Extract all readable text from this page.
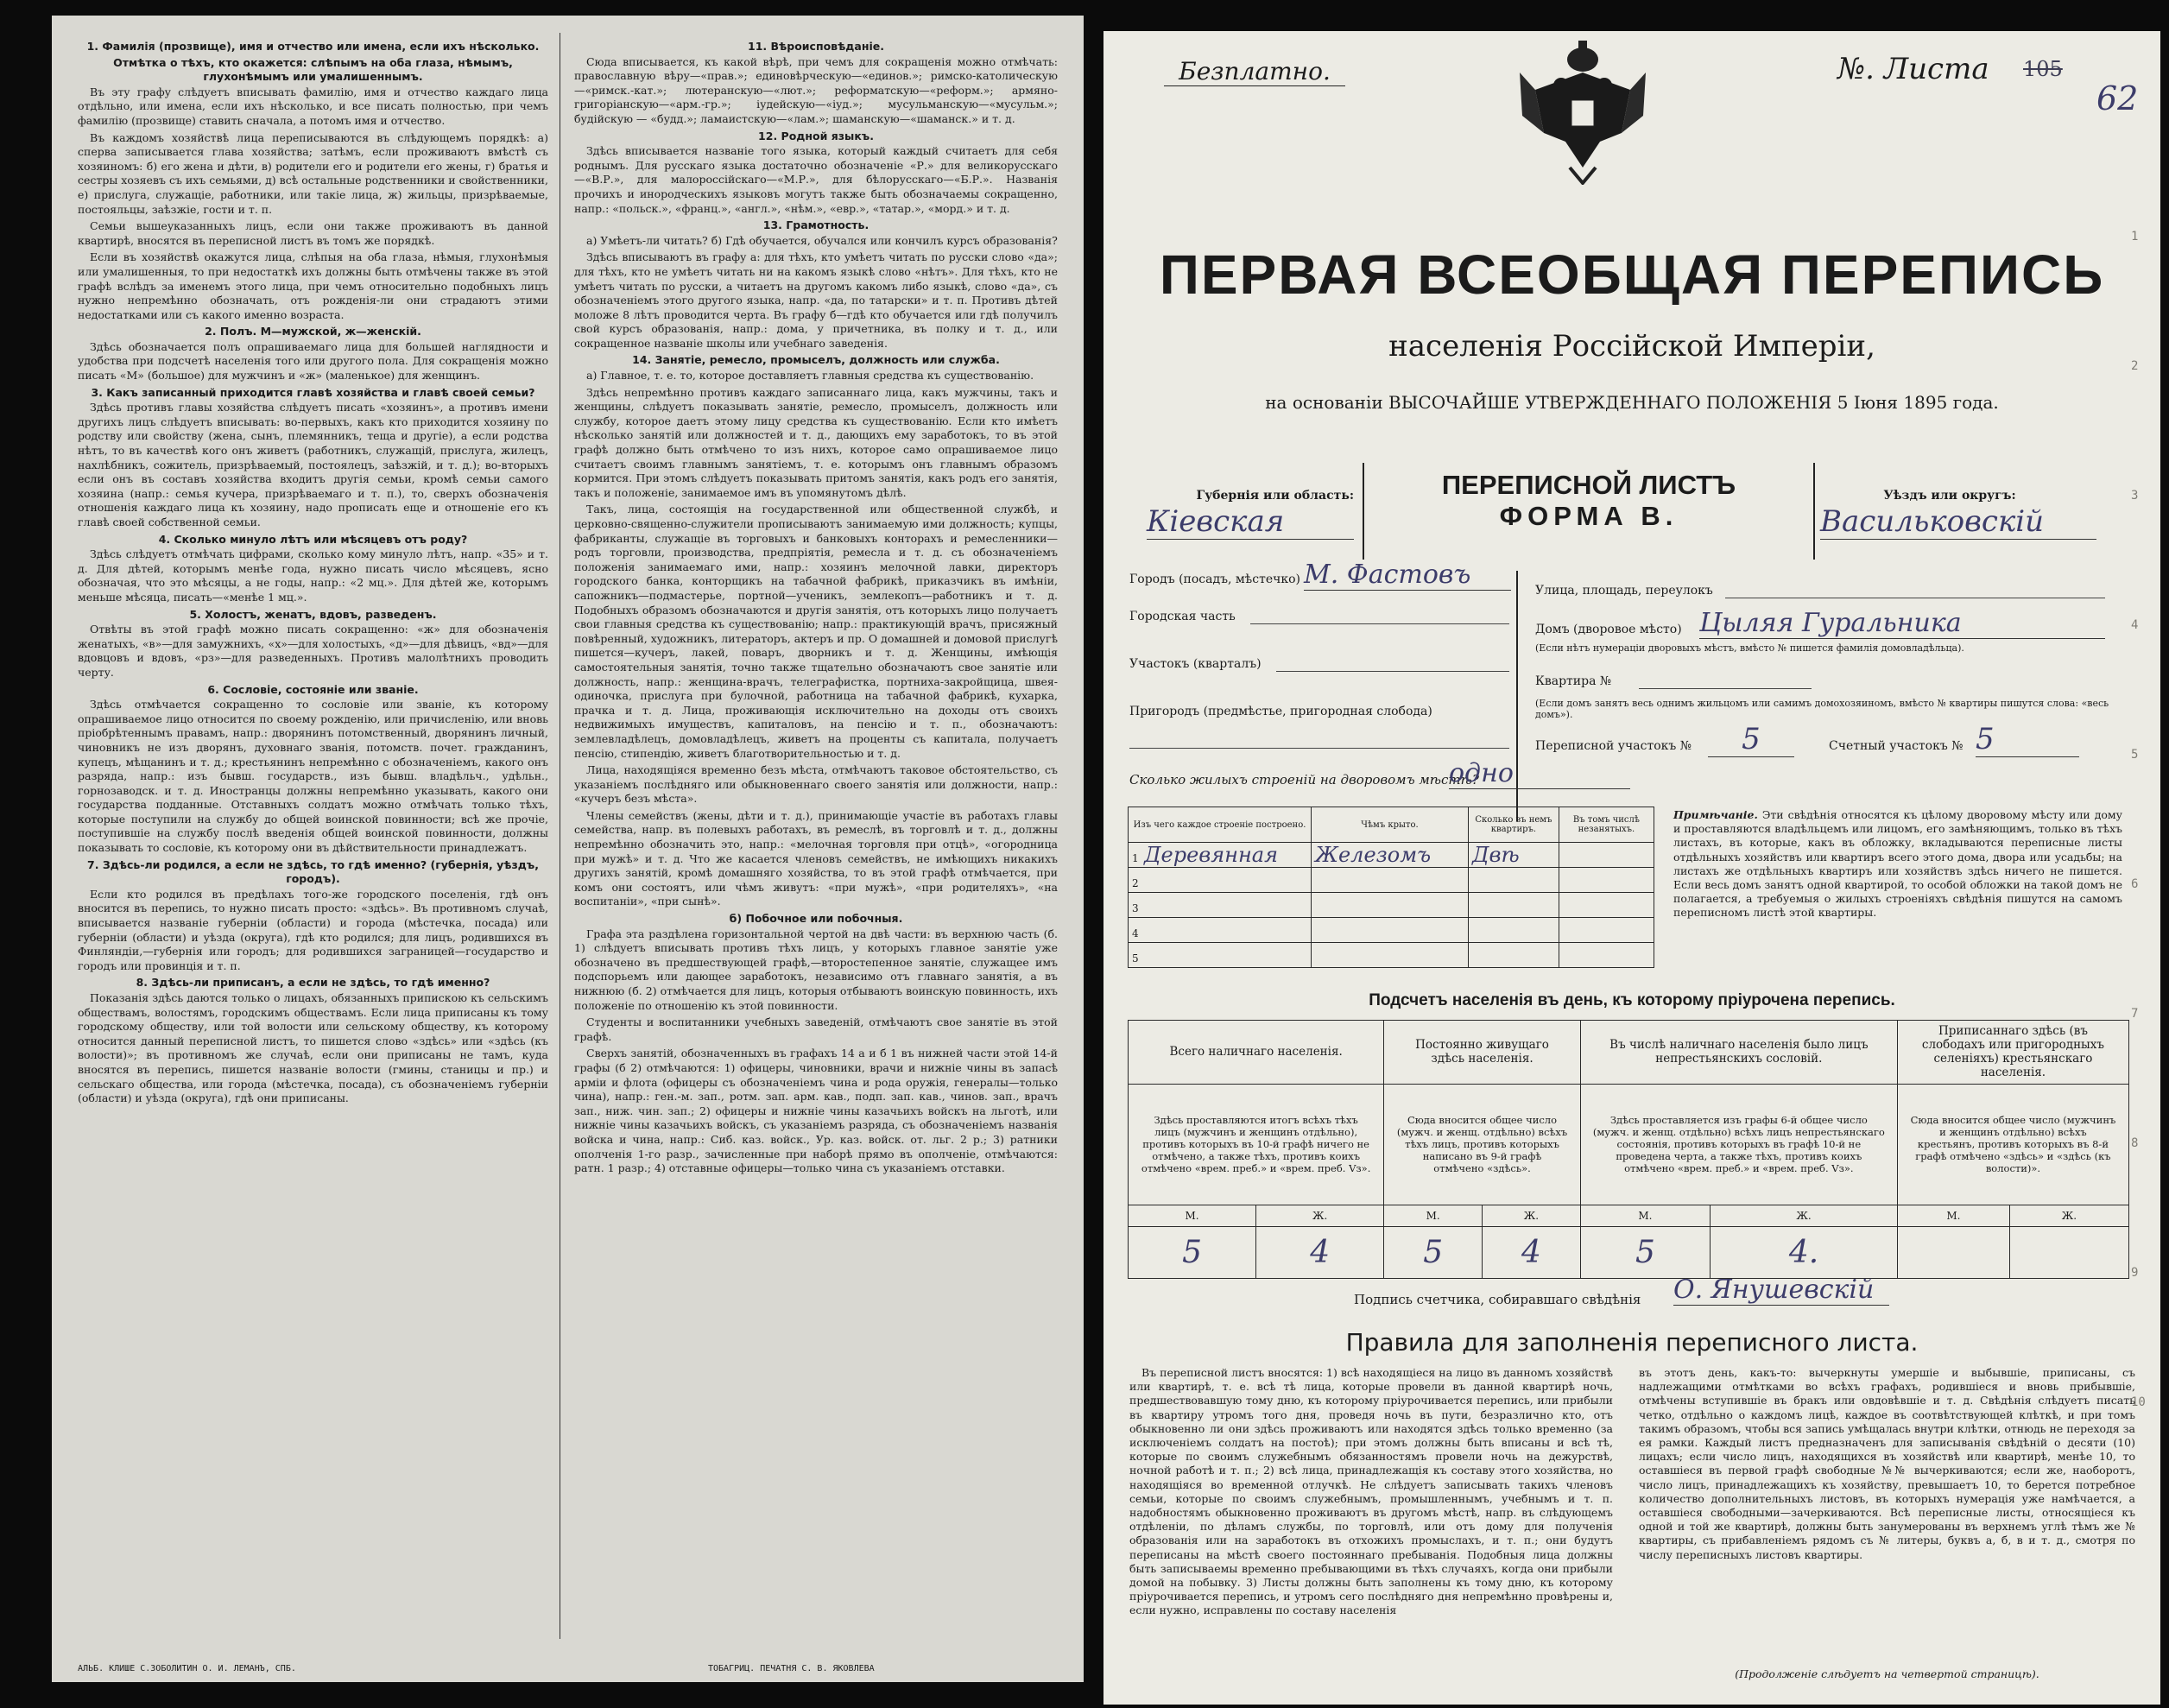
1. Фамилія (прозвище), имя и отчество или имена, если ихъ нѣсколько.
Отмѣтка о тѣхъ, кто окажется: слѣпымъ на оба глаза, нѣмымъ, глухонѣмымъ или умалишеннымъ.
Въ эту графу слѣдуетъ вписывать фамилію, имя и отчество каждаго лица отдѣльно, или имена, если ихъ нѣсколько, и все писать полностью, при чемъ фамилію (прозвище) ставить сначала, а потомъ имя и отчество.
Въ каждомъ хозяйствѣ лица переписываются въ слѣдующемъ порядкѣ: а) сперва записывается глава хозяйства; затѣмъ, если проживаютъ вмѣстѣ съ хозяиномъ: б) его жена и дѣти, в) родители его и родители его жены, г) братья и сестры хозяевъ съ ихъ семьями, д) всѣ остальные родственники и свойственники, е) прислуга, служащіе, работники, или такіе лица, ж) жильцы, призрѣваемые, постояльцы, заѣзжіе, гости и т. п.
Семьи вышеуказанныхъ лицъ, если они также проживаютъ въ данной квартирѣ, вносятся въ переписной листъ въ томъ же порядкѣ.
Если въ хозяйствѣ окажутся лица, слѣпыя на оба глаза, нѣмыя, глухонѣмыя или умалишенныя, то при недостаткѣ ихъ должны быть отмѣчены также въ этой графѣ вслѣдъ за именемъ этого лица, при чемъ относительно подобныхъ лицъ нужно непремѣнно обозначать, отъ рожденія-ли они страдаютъ этими недостатками или съ какого именно возраста.
2. Полъ. М—мужской, ж—женскій.
Здѣсь обозначается полъ опрашиваемаго лица для большей наглядности и удобства при подсчетѣ населенія того или другого пола. Для сокращенія можно писать «М» (большое) для мужчинъ и «ж» (маленькое) для женщинъ.
3. Какъ записанный приходится главѣ хозяйства и главѣ своей семьи?
Здѣсь противъ главы хозяйства слѣдуетъ писать «хозяинъ», а противъ имени другихъ лицъ слѣдуетъ вписывать: во-первыхъ, какъ кто приходится хозяину по родству или свойству (жена, сынъ, племянникъ, теща и другіе), а если родства нѣтъ, то въ качествѣ кого онъ живетъ (работникъ, служащій, прислуга, жилецъ, нахлѣбникъ, сожитель, призрѣваемый, постоялецъ, заѣзжій, и т. д.); во-вторыхъ если онъ въ составъ хозяйства входитъ другія семьи, кромѣ семьи самого хозяина (напр.: семья кучера, призрѣваемаго и т. п.), то, сверхъ обозначенія отношенія каждаго лица къ хозяину, надо прописать еще и отношеніе его къ главѣ своей собственной семьи.
4. Сколько минуло лѣтъ или мѣсяцевъ отъ роду?
Здѣсь слѣдуетъ отмѣчать цифрами, сколько кому минуло лѣтъ, напр. «35» и т. д. Для дѣтей, которымъ менѣе года, нужно писать число мѣсяцевъ, ясно обозначая, что это мѣсяцы, а не годы, напр.: «2 мц.». Для дѣтей же, которымъ меньше мѣсяца, писать—«менѣе 1 мц.».
5. Холостъ, женатъ, вдовъ, разведенъ.
Отвѣты въ этой графѣ можно писать сокращенно: «ж» для обозначенія женатыхъ, «в»—для замужнихъ, «х»—для холостыхъ, «д»—для дѣвицъ, «вд»—для вдовцовъ и вдовъ, «рз»—для разведенныхъ. Противъ малолѣтнихъ проводить черту.
6. Сословіе, состояніе или званіе.
Здѣсь отмѣчается сокращенно то сословіе или званіе, къ которому опрашиваемое лицо относится по своему рожденію, или причисленію, или вновь пріобрѣтеннымъ правамъ, напр.: дворянинъ потомственный, дворянинъ личный, чиновникъ не изъ дворянъ, духовнаго званія, потомств. почет. гражданинъ, купецъ, мѣщанинъ и т. д.; крестьянинъ непремѣнно с обозначеніемъ, какого онъ разряда, напр.: изъ бывш. государств., изъ бывш. владѣльч., удѣльн., горнозаводск. и т. д. Иностранцы должны непремѣнно указывать, какого они государства подданные. Отставныхъ солдатъ можно отмѣчать только тѣхъ, которые поступили на службу до общей воинской повинности; всѣ же прочіе, поступившіе на службу послѣ введенія общей воинской повинности, должны показывать то сословіе, къ которому они въ дѣйствительности принадлежатъ.
7. Здѣсь-ли родился, а если не здѣсь, то гдѣ именно? (губернія, уѣздъ, городъ).
Если кто родился въ предѣлахъ того-же городского поселенія, гдѣ онъ вносится въ перепись, то нужно писать просто: «здѣсь». Въ противномъ случаѣ, вписывается названіе губерніи (области) и города (мѣстечка, посада) или губерніи (области) и уѣзда (округа), гдѣ кто родился; для лицъ, родившихся въ Финляндіи,—губернія или городъ; для родившихся заграницей—государство и городъ или провинція и т. п.
8. Здѣсь-ли приписанъ, а если не здѣсь, то гдѣ именно?
Показанія здѣсь даются только о лицахъ, обязанныхъ припискою къ сельскимъ обществамъ, волостямъ, городскимъ обществамъ. Если лица приписаны къ тому городскому обществу, или той волости или сельскому обществу, къ которому относится данный переписной листъ, то пишется слово «здѣсь» или «здѣсь (къ волости)»; въ противномъ же случаѣ, если они приписаны не тамъ, куда вносятся въ перепись, пишется названіе волости (гмины, станицы и пр.) и сельскаго общества, или города (мѣстечка, посада), съ обозначеніемъ губерніи (области) и уѣзда (округа), гдѣ они приписаны.
АЛЬБ. КЛИШЕ С.ЗОБОЛИТИН О. И. ЛЕМАНЪ, СПБ.
11. Вѣроисповѣданіе.
Сюда вписывается, къ какой вѣрѣ, при чемъ для сокращенія можно отмѣчать: православную вѣру—«прав.»; единовѣрческую—«единов.»; римско-католическую—«римск.-кат.»; лютеранскую—«лют.»; реформатскую—«реформ.»; армяно-григоріанскую—«арм.-гр.»; іудейскую—«іуд.»; мусульманскую—«мусульм.»; будійскую — «будд.»; ламаистскую—«лам.»; шаманскую—«шаманск.» и т. д.
12. Родной языкъ.
Здѣсь вписывается названіе того языка, который каждый считаетъ для себя роднымъ. Для русскаго языка достаточно обозначеніе «Р.» для великорусскаго—«В.Р.», для малороссійскаго—«М.Р.», для бѣлорусскаго—«Б.Р.». Названія прочихъ и инородческихъ языковъ могутъ также быть обозначаемы сокращенно, напр.: «польск.», «франц.», «англ.», «нѣм.», «евр.», «татар.», «морд.» и т. д.
13. Грамотность.
а) Умѣетъ-ли читать? б) Гдѣ обучается, обучался или кончилъ курсъ образованія?
Здѣсь вписываютъ въ графу а: для тѣхъ, кто умѣетъ читать по русски слово «да»; для тѣхъ, кто не умѣетъ читать ни на какомъ языкѣ слово «нѣтъ». Для тѣхъ, кто не умѣетъ читать по русски, а читаетъ на другомъ какомъ либо языкѣ, слово «да», съ обозначеніемъ этого другого языка, напр. «да, по татарски» и т. п. Противъ дѣтей моложе 8 лѣтъ проводится черта. Въ графу б—гдѣ кто обучается или гдѣ получилъ свой курсъ образованія, напр.: дома, у причетника, въ полку и т. д., или сокращенное названіе школы или учебнаго заведенія.
14. Занятіе, ремесло, промыселъ, должность или служба.
а) Главное, т. е. то, которое доставляетъ главныя средства къ существованію.
Здѣсь непремѣнно противъ каждаго записаннаго лица, какъ мужчины, такъ и женщины, слѣдуетъ показывать занятіе, ремесло, промыселъ, должность или службу, которое даетъ этому лицу средства къ существованію. Если кто имѣетъ нѣсколько занятій или должностей и т. д., дающихъ ему заработокъ, то въ этой графѣ должно быть отмѣчено то изъ нихъ, которое само опрашиваемое лицо считаетъ своимъ главнымъ занятіемъ, т. е. которымъ онъ главнымъ образомъ кормится. При этомъ слѣдуетъ показывать притомъ занятія, какъ родъ его занятія, такъ и положеніе, занимаемое имъ въ упомянутомъ дѣлѣ.
Такъ, лица, состоящія на государственной или общественной службѣ, и церковно-священно-служители прописываютъ занимаемую ими должность; купцы, фабриканты, служащіе въ торговыхъ и банковыхъ конторахъ и ремесленники—родъ торговли, производства, предпріятія, ремесла и т. д. съ обозначеніемъ положенія занимаемаго ими, напр.: хозяинъ мелочной лавки, директоръ городского банка, конторщикъ на табачной фабрикѣ, приказчикъ въ имѣніи, сапожникъ—подмастерье, портной—ученикъ, землекопъ—работникъ и т. д. Подобныхъ образомъ обозначаются и другія занятія, отъ которыхъ лицо получаетъ свои главныя средства къ существованію; напр.: практикующій врачъ, присяжный повѣренный, художникъ, литераторъ, актеръ и пр. О домашней и домовой прислугѣ пишется—кучеръ, лакей, поваръ, дворникъ и т. д. Женщины, имѣющія самостоятельныя занятія, точно также тщательно обозначаютъ свое занятіе или должность, напр.: женщина-врачъ, телеграфистка, портниха-закройщица, швея-одиночка, прислуга при булочной, работница на табачной фабрикѣ, кухарка, прачка и т. д. Лица, проживающія исключительно на доходы отъ своихъ недвижимыхъ имуществъ, капиталовъ, на пенсію и т. п., обозначаютъ: землевладѣлецъ, домовладѣлецъ, живетъ на проценты съ капитала, получаетъ пенсію, стипендію, живетъ благотворительностью и т. д.
Лица, находящіяся временно безъ мѣста, отмѣчаютъ таковое обстоятельство, съ указаніемъ послѣдняго или обыкновеннаго своего занятія или должности, напр.: «кучеръ безъ мѣста».
Члены семействъ (жены, дѣти и т. д.), принимающіе участіе въ работахъ главы семейства, напр. въ полевыхъ работахъ, въ ремеслѣ, въ торговлѣ и т. д., должны непремѣнно обозначить это, напр.: «мелочная торговля при отцѣ», «огородница при мужѣ» и т. д. Что же касается членовъ семействъ, не имѣющихъ никакихъ другихъ занятій, кромѣ домашняго хозяйства, то въ этой графѣ отмѣчается, при комъ они состоятъ, или чѣмъ живутъ: «при мужѣ», «при родителяхъ», «на воспитаніи», «при сынѣ».
б) Побочное или побочныя.
Графа эта раздѣлена горизонтальной чертой на двѣ части: въ верхнюю часть (б. 1) слѣдуетъ вписывать противъ тѣхъ лицъ, у которыхъ главное занятіе уже обозначено въ предшествующей графѣ,—второстепенное занятіе, служащее имъ подспорьемъ или дающее заработокъ, независимо отъ главнаго занятія, а въ нижнюю (б. 2) отмѣчается для лицъ, которыя отбываютъ воинскую повинность, ихъ положеніе по отношенію къ этой повинности.
Студенты и воспитанники учебныхъ заведеній, отмѣчаютъ свое занятіе въ этой графѣ.
Сверхъ занятій, обозначенныхъ въ графахъ 14 а и б 1 въ нижней части этой 14-й графы (б 2) отмѣчаются: 1) офицеры, чиновники, врачи и нижніе чины въ запасѣ арміи и флота (офицеры съ обозначеніемъ чина и рода оружія, генералы—только чина), напр.: ген.-м. зап., ротм. зап. арм. кав., подп. зап. кав., чинов. зап., врачъ зап., ниж. чин. зап.; 2) офицеры и нижніе чины казачьихъ войскъ на льготѣ, или нижніе чины казачьихъ войскъ, съ указаніемъ разряда, съ обозначеніемъ названія войска и чина, напр.: Сиб. каз. войск., Ур. каз. войск. от. льг. 2 р.; 3) ратники ополченія 1-го разр., зачисленные при наборѣ прямо въ ополченіе, отмѣчаются: ратн. 1 разр.; 4) отставные офицеры—только чина съ указаніемъ отставки.
ТОБАГРИЦ. ПЕЧАТНЯ С. В. ЯКОВЛЕВА
1
2
3
4
5
6
7
8
9
10
Безплатно.	№. Листа 105
62
ПЕРВАЯ ВСЕОБЩАЯ ПЕРЕПИСЬ
населенія Россійской Имперіи,
на основаніи ВЫСОЧАЙШЕ УТВЕРЖДЕННАГО ПОЛОЖЕНІЯ 5 Іюня 1895 года.
ПЕРЕПИСНОЙ ЛИСТЪ
ФОРМА В.
Губернія или область:
Кіевская
Уѣздъ или округъ:
Васильковскій
Городъ (посадъ, мѣстечко) М. Фастовъ
Городская часть
Участокъ (кварталъ)
Пригородъ (предмѣстье, пригородная слобода)
Улица, площадь, переулокъ
Домъ (дворовое мѣсто) Цыляя Гуральника
(Если нѣтъ нумераціи дворовыхъ мѣстъ, вмѣсто № пишется фамилія домовладѣльца).
Квартира №
(Если домъ занятъ весь однимъ жильцомъ или самимъ домохозяиномъ, вмѣсто № квартиры пишутся слова: «весь домъ»).
Переписной участокъ №	5	Счетный участокъ № 5
Сколько жилыхъ строеній на дворовомъ мѣстѣ?
одно
Изъ чего каждое строеніе построено.	Чѣмъ крыто.	Сколько въ немъ квартиръ.	Въ томъ числѣ незанятыхъ.
1 Деревянная	Железомъ	Двѣ	
2			
3			
4			
5			
Примѣчаніе. Эти свѣдѣнія относятся къ цѣлому дворовому мѣсту или дому и проставляются владѣльцемъ или лицомъ, его замѣняющимъ, только въ тѣхъ листахъ, въ которые, какъ въ обложку, вкладываются переписные листы отдѣльныхъ хозяйствъ или квартиръ всего этого дома, двора или усадьбы; на листахъ же отдѣльныхъ квартиръ или хозяйствъ здѣсь ничего не пишется. Если весь домъ занятъ одной квартирой, то особой обложки на такой домъ не полагается, а требуемыя о жилыхъ строеніяхъ свѣдѣнія пишутся на самомъ переписномъ листѣ этой квартиры.
Подсчетъ населенія въ день, къ которому пріурочена перепись.
Всего наличнаго населенія.		Постоянно живущаго здѣсь населенія.		Въ числѣ наличнаго населенія было лицъ непрестьянскихъ сословій.		Приписаннаго здѣсь (въ слободахъ или пригородныхъ селеніяхъ) крестьянскаго населенія.	
Здѣсь проставляются итогъ всѣхъ тѣхъ лицъ (мужчинъ и женщинъ отдѣльно), противъ которыхъ въ 10-й графѣ ничего не отмѣчено, а также тѣхъ, противъ коихъ отмѣчено «врем. преб.» и «врем. преб. Vз».		Сюда вносится общее число (мужч. и женщ. отдѣльно) всѣхъ тѣхъ лицъ, противъ которыхъ написано въ 9-й графѣ отмѣчено «здѣсь».		Здѣсь проставляется изъ графы 6-й общее число (мужч. и женщ. отдѣльно) всѣхъ лицъ непрестьянскаго состоянія, противъ которыхъ въ графѣ 10-й не проведена черта, а также тѣхъ, противъ коихъ отмѣчено «врем. преб.» и «врем. преб. Vз».		Сюда вносится общее число (мужчинъ и женщинъ отдѣльно) всѣхъ крестьянъ, противъ которыхъ въ 8-й графѣ отмѣчено «здѣсь» и «здѣсь (къ волости)».	
М.	Ж.	М.	Ж.	М.	Ж.	М.	Ж.
5	4	5	4	5	4.		
Подпись счетчика, собиравшаго свѣдѣнія О. Янушевскій
Правила для заполненія переписного листа.
Въ переписной листъ вносятся: 1) всѣ находящіеся на лицо въ данномъ хозяйствѣ или квартирѣ, т. е. всѣ тѣ лица, которые провели въ данной квартирѣ ночь, предшествовавшую тому дню, къ которому пріурочивается перепись, или прибыли въ квартиру утромъ того дня, проведя ночь въ пути, безразлично кто, отъ обыкновенно ли они здѣсь проживаютъ или находятся здѣсь только временно (за исключеніемъ солдатъ на постоѣ); при этомъ должны быть вписаны и всѣ тѣ, которые по своимъ служебнымъ обязанностямъ провели ночь на дежурствѣ, ночной работѣ и т. п.; 2) всѣ лица, принадлежащія къ составу этого хозяйства, но находящіяся во временной отлучкѣ. Не слѣдуетъ записывать такихъ членовъ семьи, которые по своимъ служебнымъ, промышленнымъ, учебнымъ и т. п. надобностямъ обыкновенно проживаютъ въ другомъ мѣстѣ, напр. въ слѣдующемъ отдѣленіи, по дѣламъ службы, по торговлѣ, или отъ дому для полученія образованія или на заработокъ въ отхожихъ промыслахъ, и т. п.; они будутъ переписаны на мѣстѣ своего постояннаго пребыванія. Подобныя лица должны быть записываемы временно пребывающими въ тѣхъ случаяхъ, когда они прибыли домой на побывку. 3) Листы должны быть заполнены къ тому дню, къ которому пріурочивается перепись, и утромъ сего послѣдняго дня непремѣнно провѣрены и, если нужно, исправлены по составу населенія
въ этотъ день, какъ-то: вычеркнуты умершіе и выбывшіе, приписаны, съ надлежащими отмѣтками во всѣхъ графахъ, родившіеся и вновь прибывшіе, отмѣчены вступившіе въ бракъ или овдовѣвшіе и т. д. Свѣдѣнія слѣдуетъ писать четко, отдѣльно о каждомъ лицѣ, каждое въ соотвѣтствующей клѣткѣ, и при томъ такимъ образомъ, чтобы вся запись умѣщалась внутри клѣтки, отнюдь не переходя за ея рамки. Каждый листъ предназначенъ для записыванія свѣдѣній о десяти (10) лицахъ; если число лицъ, находящихся въ хозяйствѣ или квартирѣ, менѣе 10, то оставшіеся въ первой графѣ свободные №№ вычеркиваются; если же, наоборотъ, число лицъ, принадлежащихъ къ хозяйству, превышаетъ 10, то берется потребное количество дополнительныхъ листовъ, въ которыхъ нумерація уже намѣчается, а оставшіеся свободными—зачеркиваются. Всѣ переписные листы, относящіеся къ одной и той же квартирѣ, должны быть занумерованы въ верхнемъ углѣ тѣмъ же № квартиры, съ прибавленіемъ рядомъ съ № литеры, буквъ а, б, в и т. д., смотря по числу переписныхъ листовъ квартиры.
(Продолженіе слѣдуетъ на четвертой страницѣ).
